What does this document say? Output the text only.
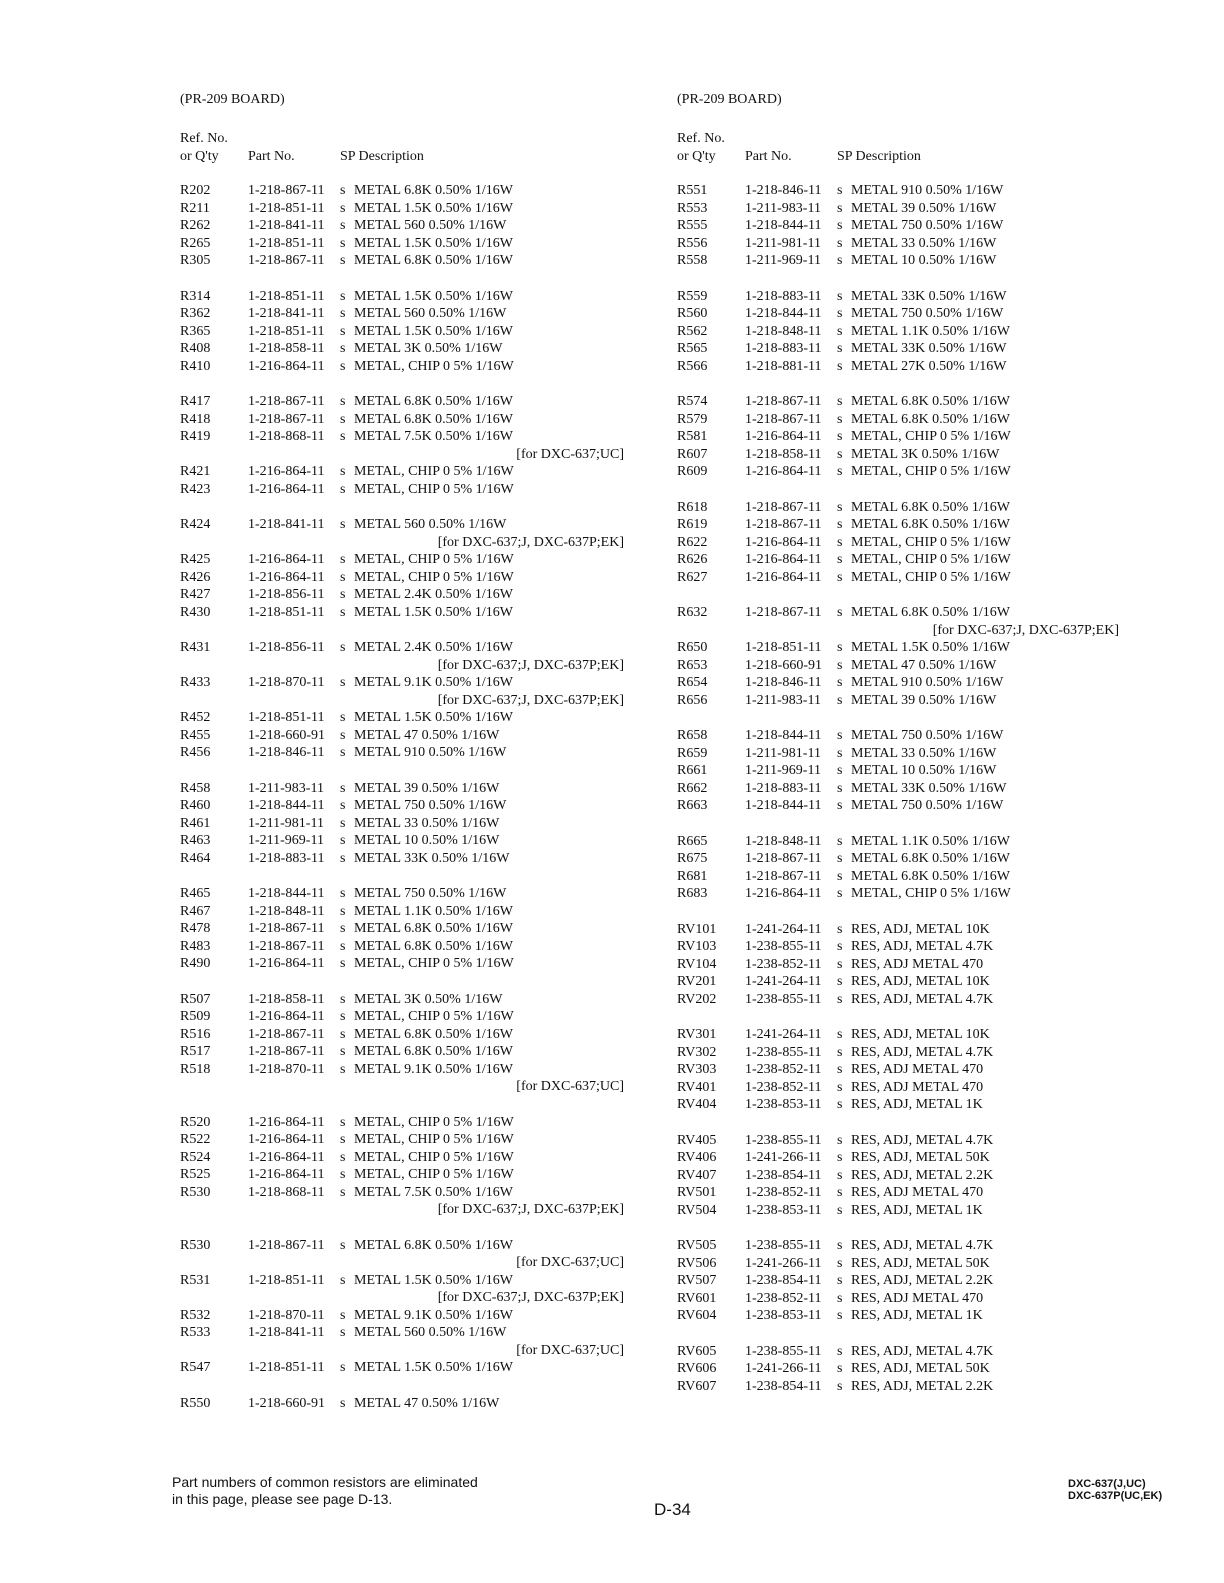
(PR-209 BOARD)
Ref. No.
or Q'ty Part No.	SP Description
R202	1-218-867-11	s METAL 6.8K 0.50% 1/16W
R211	1-218-851-11	s METAL 1.5K 0.50% 1/16W
R262	1-218-841-11	s METAL 560 0.50% 1/16W
R265	1-218-851-11	s METAL 1.5K 0.50% 1/16W
R305	1-218-867-11	s METAL 6.8K 0.50% 1/16W
R314	1-218-851-11	s METAL 1.5K 0.50% 1/16W
R362	1-218-841-11	s METAL 560 0.50% 1/16W
R365	1-218-851-11	s METAL 1.5K 0.50% 1/16W
R408	1-218-858-11	s METAL 3K 0.50% 1/16W
R410	1-216-864-11	s METAL, CHIP 0 5% 1/16W
R417	1-218-867-11	s METAL 6.8K 0.50% 1/16W
R418	1-218-867-11	s METAL 6.8K 0.50% 1/16W
R419	1-218-868-11	s METAL 7.5K 0.50% 1/16W
[for DXC-637;UC]
R421	1-216-864-11	s METAL, CHIP 0 5% 1/16W
R423	1-216-864-11	s METAL, CHIP 0 5% 1/16W
R424	1-218-841-11	s METAL 560 0.50% 1/16W
[for DXC-637;J, DXC-637P;EK]
R425	1-216-864-11	s METAL, CHIP 0 5% 1/16W
R426	1-216-864-11	s METAL, CHIP 0 5% 1/16W
R427	1-218-856-11	s METAL 2.4K 0.50% 1/16W
R430	1-218-851-11	s METAL 1.5K 0.50% 1/16W
R431	1-218-856-11	s METAL 2.4K 0.50% 1/16W
[for DXC-637;J, DXC-637P;EK]
R433	1-218-870-11	s METAL 9.1K 0.50% 1/16W
[for DXC-637;J, DXC-637P;EK]
R452	1-218-851-11	s METAL 1.5K 0.50% 1/16W
R455	1-218-660-91	s METAL 47 0.50% 1/16W
R456	1-218-846-11	s METAL 910 0.50% 1/16W
R458	1-211-983-11	s METAL 39 0.50% 1/16W
R460	1-218-844-11	s METAL 750 0.50% 1/16W
R461	1-211-981-11	s METAL 33 0.50% 1/16W
R463	1-211-969-11	s METAL 10 0.50% 1/16W
R464	1-218-883-11	s METAL 33K 0.50% 1/16W
R465	1-218-844-11	s METAL 750 0.50% 1/16W
R467	1-218-848-11	s METAL 1.1K 0.50% 1/16W
R478	1-218-867-11	s METAL 6.8K 0.50% 1/16W
R483	1-218-867-11	s METAL 6.8K 0.50% 1/16W
R490	1-216-864-11	s METAL, CHIP 0 5% 1/16W
R507	1-218-858-11	s METAL 3K 0.50% 1/16W
R509	1-216-864-11	s METAL, CHIP 0 5% 1/16W
R516	1-218-867-11	s METAL 6.8K 0.50% 1/16W
R517	1-218-867-11	s METAL 6.8K 0.50% 1/16W
R518	1-218-870-11	s METAL 9.1K 0.50% 1/16W
[for DXC-637;UC]
R520	1-216-864-11	s METAL, CHIP 0 5% 1/16W
R522	1-216-864-11	s METAL, CHIP 0 5% 1/16W
R524	1-216-864-11	s METAL, CHIP 0 5% 1/16W
R525	1-216-864-11	s METAL, CHIP 0 5% 1/16W
R530	1-218-868-11	s METAL 7.5K 0.50% 1/16W
[for DXC-637;J, DXC-637P;EK]
R530	1-218-867-11	s METAL 6.8K 0.50% 1/16W
[for DXC-637;UC]
R531	1-218-851-11	s METAL 1.5K 0.50% 1/16W
[for DXC-637;J, DXC-637P;EK]
R532	1-218-870-11	s METAL 9.1K 0.50% 1/16W
R533	1-218-841-11	s METAL 560 0.50% 1/16W
[for DXC-637;UC]
R547	1-218-851-11	s METAL 1.5K 0.50% 1/16W
R550	1-218-660-91	s METAL 47 0.50% 1/16W
(PR-209 BOARD)
Ref. No.
or Q'ty Part No.	SP Description
R551	1-218-846-11	s METAL 910 0.50% 1/16W
R553	1-211-983-11	s METAL 39 0.50% 1/16W
R555	1-218-844-11	s METAL 750 0.50% 1/16W
R556	1-211-981-11	s METAL 33 0.50% 1/16W
R558	1-211-969-11	s METAL 10 0.50% 1/16W
R559	1-218-883-11	s METAL 33K 0.50% 1/16W
R560	1-218-844-11	s METAL 750 0.50% 1/16W
R562	1-218-848-11	s METAL 1.1K 0.50% 1/16W
R565	1-218-883-11	s METAL 33K 0.50% 1/16W
R566	1-218-881-11	s METAL 27K 0.50% 1/16W
R574	1-218-867-11	s METAL 6.8K 0.50% 1/16W
R579	1-218-867-11	s METAL 6.8K 0.50% 1/16W
R581	1-216-864-11	s METAL, CHIP 0 5% 1/16W
R607	1-218-858-11	s METAL 3K 0.50% 1/16W
R609	1-216-864-11	s METAL, CHIP 0 5% 1/16W
R618	1-218-867-11	s METAL 6.8K 0.50% 1/16W
R619	1-218-867-11	s METAL 6.8K 0.50% 1/16W
R622	1-216-864-11	s METAL, CHIP 0 5% 1/16W
R626	1-216-864-11	s METAL, CHIP 0 5% 1/16W
R627	1-216-864-11	s METAL, CHIP 0 5% 1/16W
R632	1-218-867-11	s METAL 6.8K 0.50% 1/16W
[for DXC-637;J, DXC-637P;EK]
R650	1-218-851-11	s METAL 1.5K 0.50% 1/16W
R653	1-218-660-91	s METAL 47 0.50% 1/16W
R654	1-218-846-11	s METAL 910 0.50% 1/16W
R656	1-211-983-11	s METAL 39 0.50% 1/16W
R658	1-218-844-11	s METAL 750 0.50% 1/16W
R659	1-211-981-11	s METAL 33 0.50% 1/16W
R661	1-211-969-11	s METAL 10 0.50% 1/16W
R662	1-218-883-11	s METAL 33K 0.50% 1/16W
R663	1-218-844-11	s METAL 750 0.50% 1/16W
R665	1-218-848-11	s METAL 1.1K 0.50% 1/16W
R675	1-218-867-11	s METAL 6.8K 0.50% 1/16W
R681	1-218-867-11	s METAL 6.8K 0.50% 1/16W
R683	1-216-864-11	s METAL, CHIP 0 5% 1/16W
RV101	1-241-264-11	s RES, ADJ, METAL 10K
RV103	1-238-855-11	s RES, ADJ, METAL 4.7K
RV104	1-238-852-11	s RES, ADJ METAL 470
RV201	1-241-264-11	s RES, ADJ, METAL 10K
RV202	1-238-855-11	s RES, ADJ, METAL 4.7K
RV301	1-241-264-11	s RES, ADJ, METAL 10K
RV302	1-238-855-11	s RES, ADJ, METAL 4.7K
RV303	1-238-852-11	s RES, ADJ METAL 470
RV401	1-238-852-11	s RES, ADJ METAL 470
RV404	1-238-853-11	s RES, ADJ, METAL 1K
RV405	1-238-855-11	s RES, ADJ, METAL 4.7K
RV406	1-241-266-11	s RES, ADJ, METAL 50K
RV407	1-238-854-11	s RES, ADJ, METAL 2.2K
RV501	1-238-852-11	s RES, ADJ METAL 470
RV504	1-238-853-11	s RES, ADJ, METAL 1K
RV505	1-238-855-11	s RES, ADJ, METAL 4.7K
RV506	1-241-266-11	s RES, ADJ, METAL 50K
RV507	1-238-854-11	s RES, ADJ, METAL 2.2K
RV601	1-238-852-11	s RES, ADJ METAL 470
RV604	1-238-853-11	s RES, ADJ, METAL 1K
RV605	1-238-855-11	s RES, ADJ, METAL 4.7K
RV606	1-241-266-11	s RES, ADJ, METAL 50K
RV607	1-238-854-11	s RES, ADJ, METAL 2.2K
Part numbers of common resistors are eliminated
in this page, please see page D-13.
D-34
DXC-637(J,UC)
DXC-637P(UC,EK)
